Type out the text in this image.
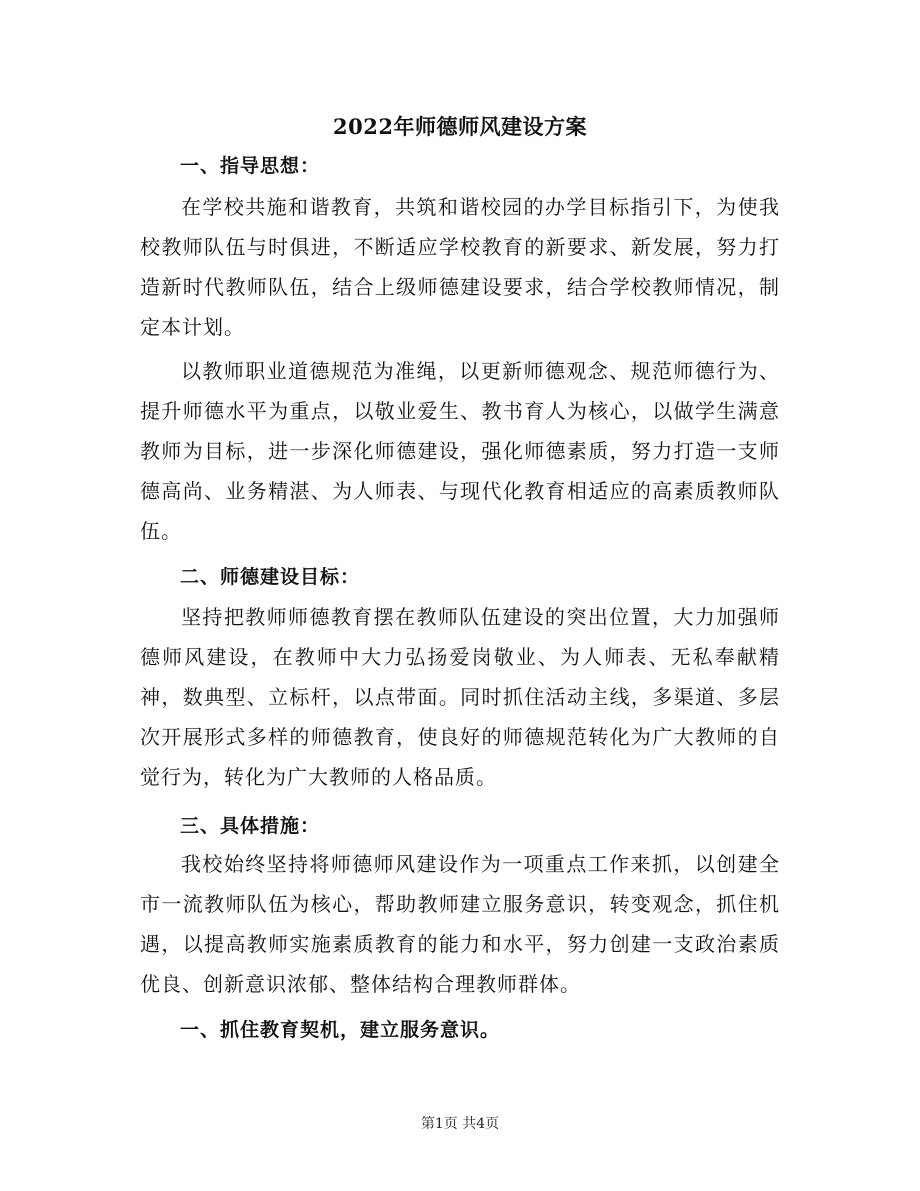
2022年师德师风建设方案
一、指导思想：
在学校共施和谐教育，共筑和谐校园的办学目标指引下，为使我校教师队伍与时俱进，不断适应学校教育的新要求、新发展，努力打造新时代教师队伍，结合上级师德建设要求，结合学校教师情况，制定本计划。
以教师职业道德规范为准绳，以更新师德观念、规范师德行为、提升师德水平为重点，以敬业爱生、教书育人为核心，以做学生满意教师为目标，进一步深化师德建设，强化师德素质，努力打造一支师德高尚、业务精湛、为人师表、与现代化教育相适应的高素质教师队伍。
二、师德建设目标：
坚持把教师师德教育摆在教师队伍建设的突出位置，大力加强师德师风建设，在教师中大力弘扬爱岗敬业、为人师表、无私奉献精神，数典型、立标杆，以点带面。同时抓住活动主线，多渠道、多层次开展形式多样的师德教育，使良好的师德规范转化为广大教师的自觉行为，转化为广大教师的人格品质。
三、具体措施：
我校始终坚持将师德师风建设作为一项重点工作来抓，以创建全市一流教师队伍为核心，帮助教师建立服务意识，转变观念，抓住机遇，以提高教师实施素质教育的能力和水平，努力创建一支政治素质优良、创新意识浓郁、整体结构合理教师群体。
一、抓住教育契机，建立服务意识。
第1页 共4页
